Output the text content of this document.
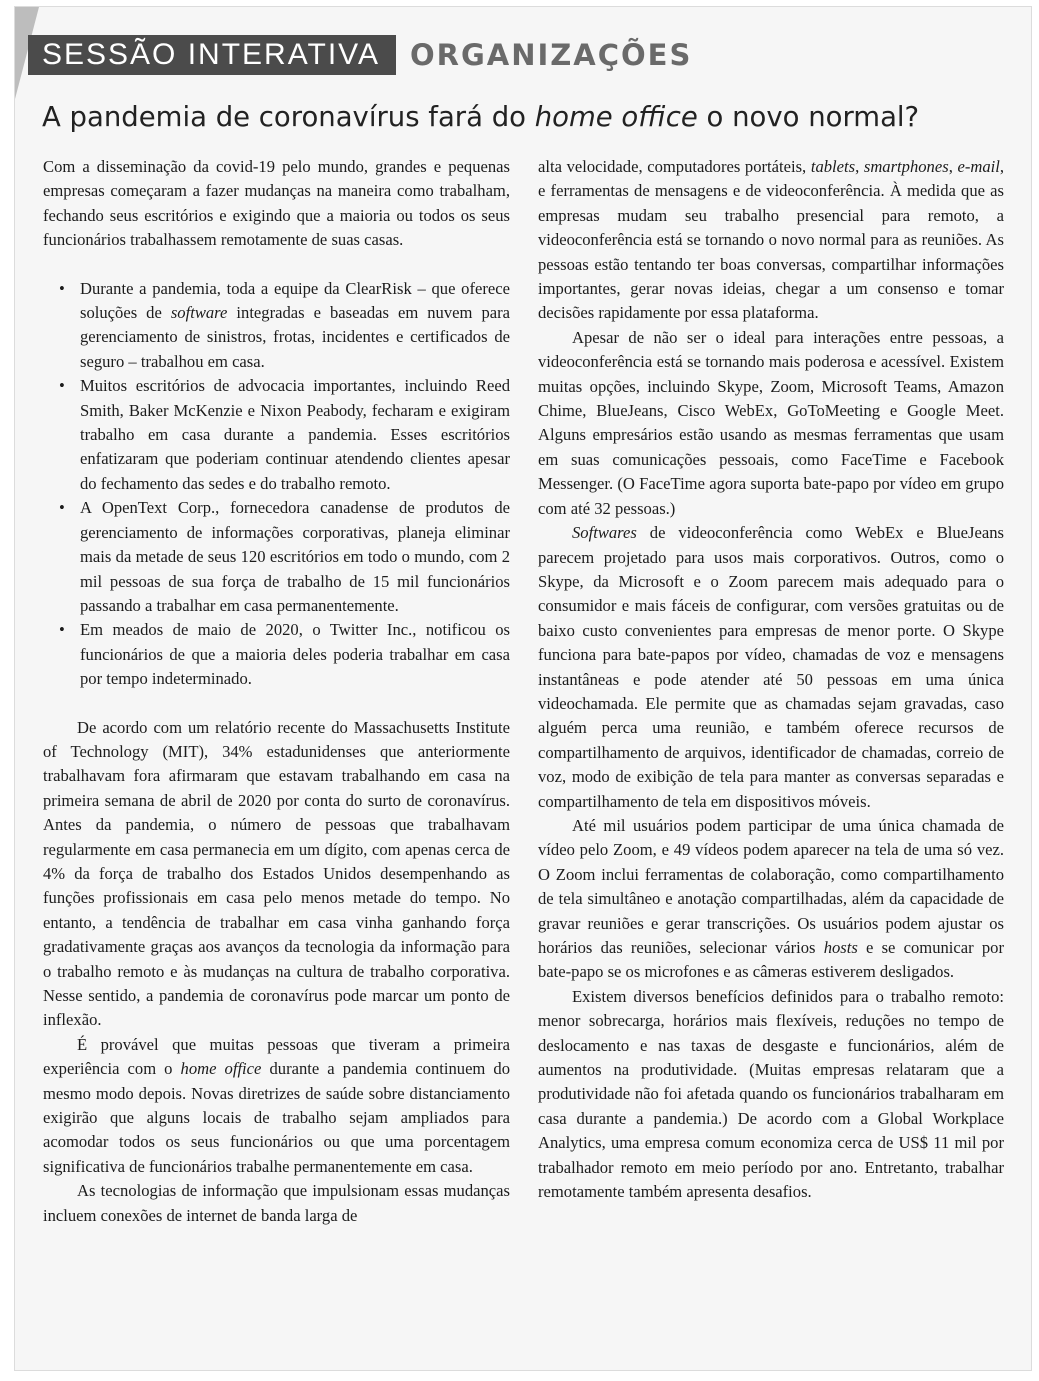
SESSÃO INTERATIVA	ORGANIZAÇÕES
A pandemia de coronavírus fará do home office o novo normal?

Com a disseminação da covid-19 pelo mundo, grandes e pequenas empresas começaram a fazer mudanças na maneira como trabalham, fechando seus escritórios e exigindo que a maioria ou todos os seus funcionários trabalhassem remotamente de suas casas.

• Durante a pandemia, toda a equipe da ClearRisk – que oferece soluções de software integradas e baseadas em nuvem para gerenciamento de sinistros, frotas, incidentes e certificados de seguro – trabalhou em casa.
• Muitos escritórios de advocacia importantes, incluindo Reed Smith, Baker McKenzie e Nixon Peabody, fecharam e exigiram trabalho em casa durante a pandemia. Esses escritórios enfatizaram que poderiam continuar atendendo clientes apesar do fechamento das sedes e do trabalho remoto.
• A OpenText Corp., fornecedora canadense de produtos de gerenciamento de informações corporativas, planeja eliminar mais da metade de seus 120 escritórios em todo o mundo, com 2 mil pessoas de sua força de trabalho de 15 mil funcionários passando a trabalhar em casa permanentemente.
• Em meados de maio de 2020, o Twitter Inc., notificou os funcionários de que a maioria deles poderia trabalhar em casa por tempo indeterminado.

De acordo com um relatório recente do Massachusetts Institute of Technology (MIT), 34% estadunidenses que anteriormente trabalhavam fora afirmaram que estavam trabalhando em casa na primeira semana de abril de 2020 por conta do surto de coronavírus. Antes da pandemia, o número de pessoas que trabalhavam regularmente em casa permanecia em um dígito, com apenas cerca de 4% da força de trabalho dos Estados Unidos desempenhando as funções profissionais em casa pelo menos metade do tempo. No entanto, a tendência de trabalhar em casa vinha ganhando força gradativamente graças aos avanços da tecnologia da informação para o trabalho remoto e às mudanças na cultura de trabalho corporativa. Nesse sentido, a pandemia de coronavírus pode marcar um ponto de inflexão.

É provável que muitas pessoas que tiveram a primeira experiência com o home office durante a pandemia continuem do mesmo modo depois. Novas diretrizes de saúde sobre distanciamento exigirão que alguns locais de trabalho sejam ampliados para acomodar todos os seus funcionários ou que uma porcentagem significativa de funcionários trabalhe permanentemente em casa.

As tecnologias de informação que impulsionam essas mudanças incluem conexões de internet de banda larga de

alta velocidade, computadores portáteis, tablets, smartphones, e-mail, e ferramentas de mensagens e de videoconferência. À medida que as empresas mudam seu trabalho presencial para remoto, a videoconferência está se tornando o novo normal para as reuniões. As pessoas estão tentando ter boas conversas, compartilhar informações importantes, gerar novas ideias, chegar a um consenso e tomar decisões rapidamente por essa plataforma.

Apesar de não ser o ideal para interações entre pessoas, a videoconferência está se tornando mais poderosa e acessível. Existem muitas opções, incluindo Skype, Zoom, Microsoft Teams, Amazon Chime, BlueJeans, Cisco WebEx, GoToMeeting e Google Meet. Alguns empresários estão usando as mesmas ferramentas que usam em suas comunicações pessoais, como FaceTime e Facebook Messenger. (O FaceTime agora suporta bate-papo por vídeo em grupo com até 32 pessoas.)

Softwares de videoconferência como WebEx e BlueJeans parecem projetado para usos mais corporativos. Outros, como o Skype, da Microsoft e o Zoom parecem mais adequado para o consumidor e mais fáceis de configurar, com versões gratuitas ou de baixo custo convenientes para empresas de menor porte. O Skype funciona para bate-papos por vídeo, chamadas de voz e mensagens instantâneas e pode atender até 50 pessoas em uma única videochamada. Ele permite que as chamadas sejam gravadas, caso alguém perca uma reunião, e também oferece recursos de compartilhamento de arquivos, identificador de chamadas, correio de voz, modo de exibição de tela para manter as conversas separadas e compartilhamento de tela em dispositivos móveis.

Até mil usuários podem participar de uma única chamada de vídeo pelo Zoom, e 49 vídeos podem aparecer na tela de uma só vez. O Zoom inclui ferramentas de colaboração, como compartilhamento de tela simultâneo e anotação compartilhadas, além da capacidade de gravar reuniões e gerar transcrições. Os usuários podem ajustar os horários das reuniões, selecionar vários hosts e se comunicar por bate-papo se os microfones e as câmeras estiverem desligados.

Existem diversos benefícios definidos para o trabalho remoto: menor sobrecarga, horários mais flexíveis, reduções no tempo de deslocamento e nas taxas de desgaste e funcionários, além de aumentos na produtividade. (Muitas empresas relataram que a produtividade não foi afetada quando os funcionários trabalharam em casa durante a pandemia.) De acordo com a Global Workplace Analytics, uma empresa comum economiza cerca de US$ 11 mil por trabalhador remoto em meio período por ano. Entretanto, trabalhar remotamente também apresenta desafios.
